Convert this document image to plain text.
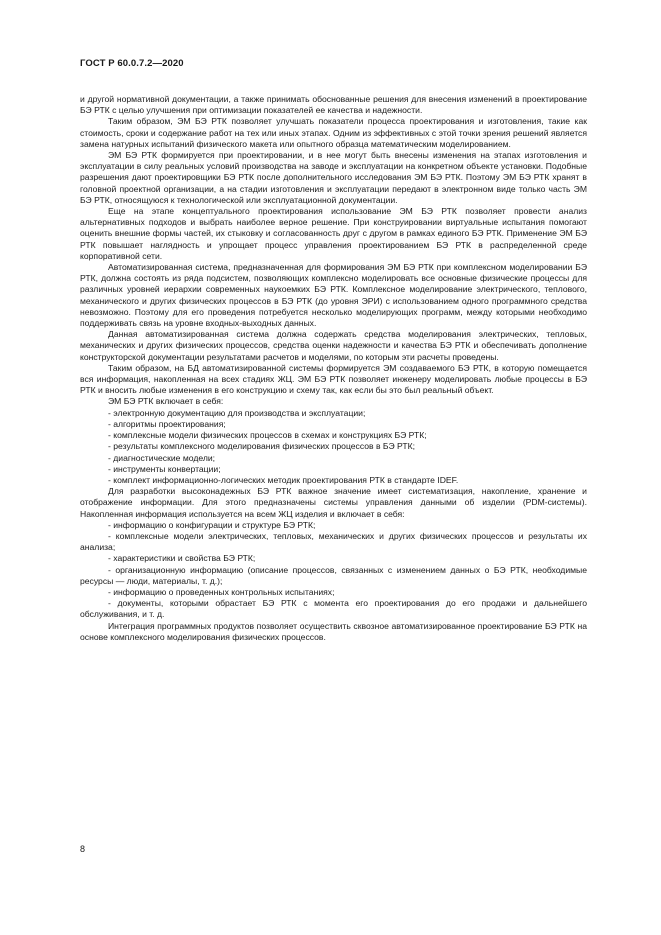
ГОСТ Р 60.0.7.2—2020

и другой нормативной документации, а также принимать обоснованные решения для внесения изменений в проектирование БЭ РТК с целью улучшения при оптимизации показателей ее качества и надежности.

Таким образом, ЭМ БЭ РТК позволяет улучшать показатели процесса проектирования и изготовления, такие как стоимость, сроки и содержание работ на тех или иных этапах. Одним из эффективных с этой точки зрения решений является замена натурных испытаний физического макета или опытного образца математическим моделированием.

ЭМ БЭ РТК формируется при проектировании, и в нее могут быть внесены изменения на этапах изготовления и эксплуатации в силу реальных условий производства на заводе и эксплуатации на конкретном объекте установки. Подобные разрешения дают проектировщики БЭ РТК после дополнительного исследования ЭМ БЭ РТК. Поэтому ЭМ БЭ РТК хранят в головной проектной организации, а на стадии изготовления и эксплуатации передают в электронном виде только часть ЭМ БЭ РТК, относящуюся к технологической или эксплуатационной документации.

Еще на этапе концептуального проектирования использование ЭМ БЭ РТК позволяет провести анализ альтернативных подходов и выбрать наиболее верное решение. При конструировании виртуальные испытания помогают оценить внешние формы частей, их стыковку и согласованность друг с другом в рамках единого БЭ РТК. Применение ЭМ БЭ РТК повышает наглядность и упрощает процесс управления проектированием БЭ РТК в распределенной среде корпоративной сети.

Автоматизированная система, предназначенная для формирования ЭМ БЭ РТК при комплексном моделировании БЭ РТК, должна состоять из ряда подсистем, позволяющих комплексно моделировать все основные физические процессы для различных уровней иерархии современных наукоемких БЭ РТК. Комплексное моделирование электрического, теплового, механического и других физических процессов в БЭ РТК (до уровня ЭРИ) с использованием одного программного средства невозможно. Поэтому для его проведения потребуется несколько моделирующих программ, между которыми необходимо поддерживать связь на уровне входных-выходных данных.

Данная автоматизированная система должна содержать средства моделирования электрических, тепловых, механических и других физических процессов, средства оценки надежности и качества БЭ РТК и обеспечивать дополнение конструкторской документации результатами расчетов и моделями, по которым эти расчеты проведены.

Таким образом, на БД автоматизированной системы формируется ЭМ создаваемого БЭ РТК, в которую помещается вся информация, накопленная на всех стадиях ЖЦ. ЭМ БЭ РТК позволяет инженеру моделировать любые процессы в БЭ РТК и вносить любые изменения в его конструкцию и схему так, как если бы это был реальный объект.

ЭМ БЭ РТК включает в себя:

- электронную документацию для производства и эксплуатации;

- алгоритмы проектирования;

- комплексные модели физических процессов в схемах и конструкциях БЭ РТК;

- результаты комплексного моделирования физических процессов в БЭ РТК;

- диагностические модели;

- инструменты конвертации;

- комплект информационно-логических методик проектирования РТК в стандарте IDEF.

Для разработки высоконадежных БЭ РТК важное значение имеет систематизация, накопление, хранение и отображение информации. Для этого предназначены системы управления данными об изделии (PDM-системы). Накопленная информация используется на всем ЖЦ изделия и включает в себя:

- информацию о конфигурации и структуре БЭ РТК;

- комплексные модели электрических, тепловых, механических и других физических процессов и результаты их анализа;

- характеристики и свойства БЭ РТК;

- организационную информацию (описание процессов, связанных с изменением данных о БЭ РТК, необходимые ресурсы — люди, материалы, т. д.);

- информацию о проведенных контрольных испытаниях;

- документы, которыми обрастает БЭ РТК с момента его проектирования до его продажи и дальнейшего обслуживания, и т. д.

Интеграция программных продуктов позволяет осуществить сквозное автоматизированное проектирование БЭ РТК на основе комплексного моделирования физических процессов.

8
